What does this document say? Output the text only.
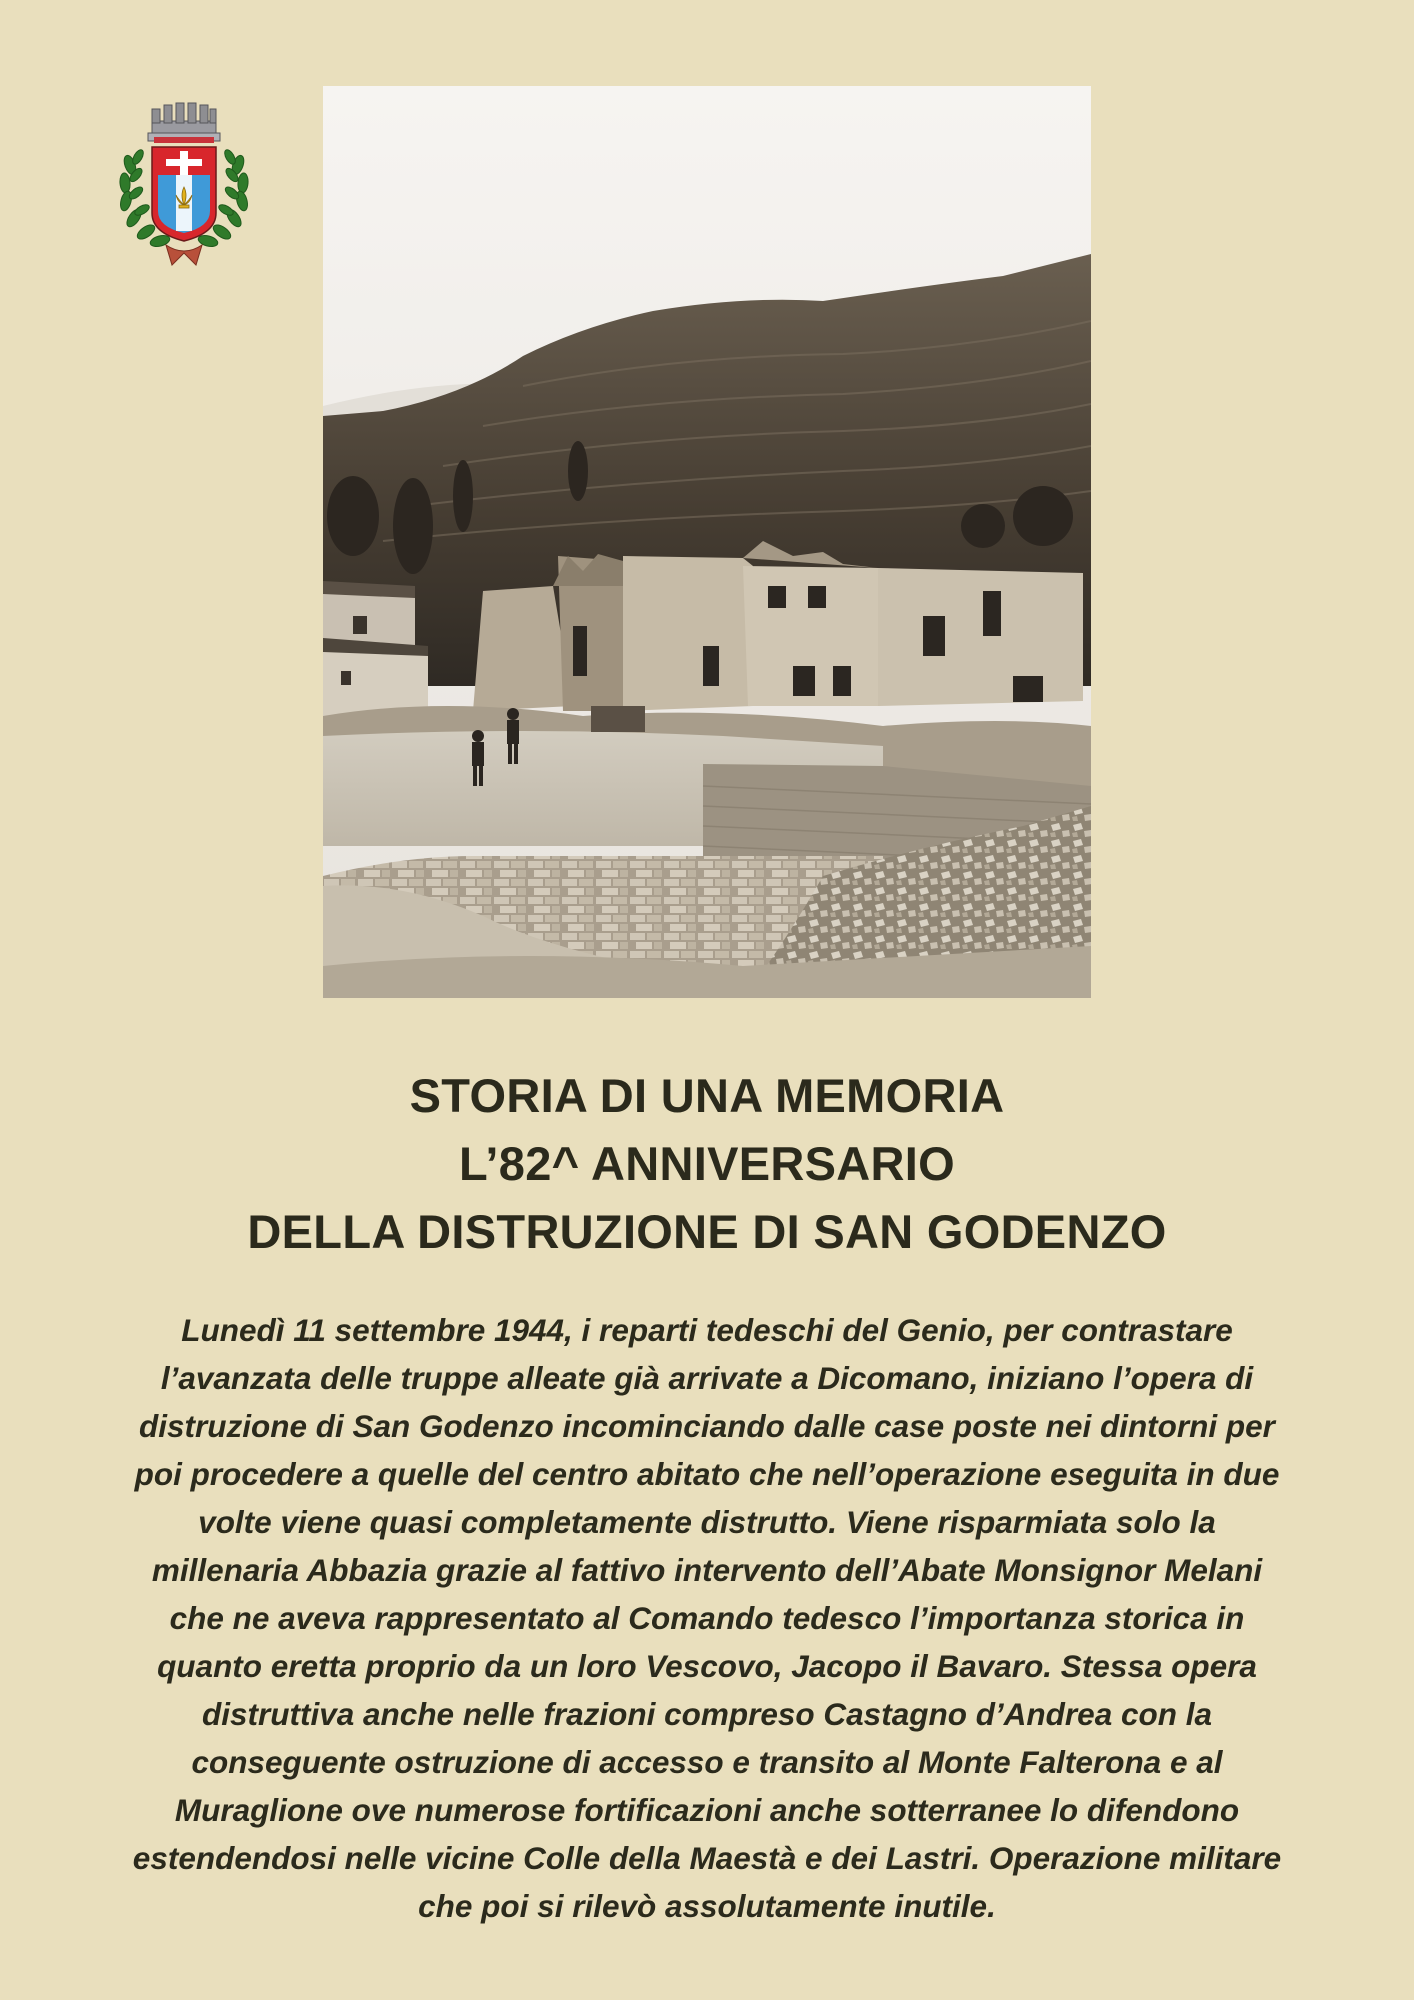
STORIA DI UNA MEMORIA
L’82^ ANNIVERSARIO
DELLA DISTRUZIONE DI SAN GODENZO
Lunedì 11 settembre 1944, i reparti tedeschi del Genio, per contrastare
l’avanzata delle truppe alleate già arrivate a Dicomano, iniziano l’opera di
distruzione di San Godenzo incominciando dalle case poste nei dintorni per
poi procedere a quelle del centro abitato che nell’operazione eseguita in due
volte viene quasi completamente distrutto. Viene risparmiata solo la
millenaria Abbazia grazie al fattivo intervento dell’Abate Monsignor Melani
che ne aveva rappresentato al Comando tedesco l’importanza storica in
quanto eretta proprio da un loro Vescovo, Jacopo il Bavaro. Stessa opera
distruttiva anche nelle frazioni compreso Castagno d’Andrea con la
conseguente ostruzione di accesso e transito al Monte Falterona e al
Muraglione ove numerose fortificazioni anche sotterranee lo difendono
estendendosi nelle vicine Colle della Maestà e dei Lastri. Operazione militare
che poi si rilevò assolutamente inutile.
